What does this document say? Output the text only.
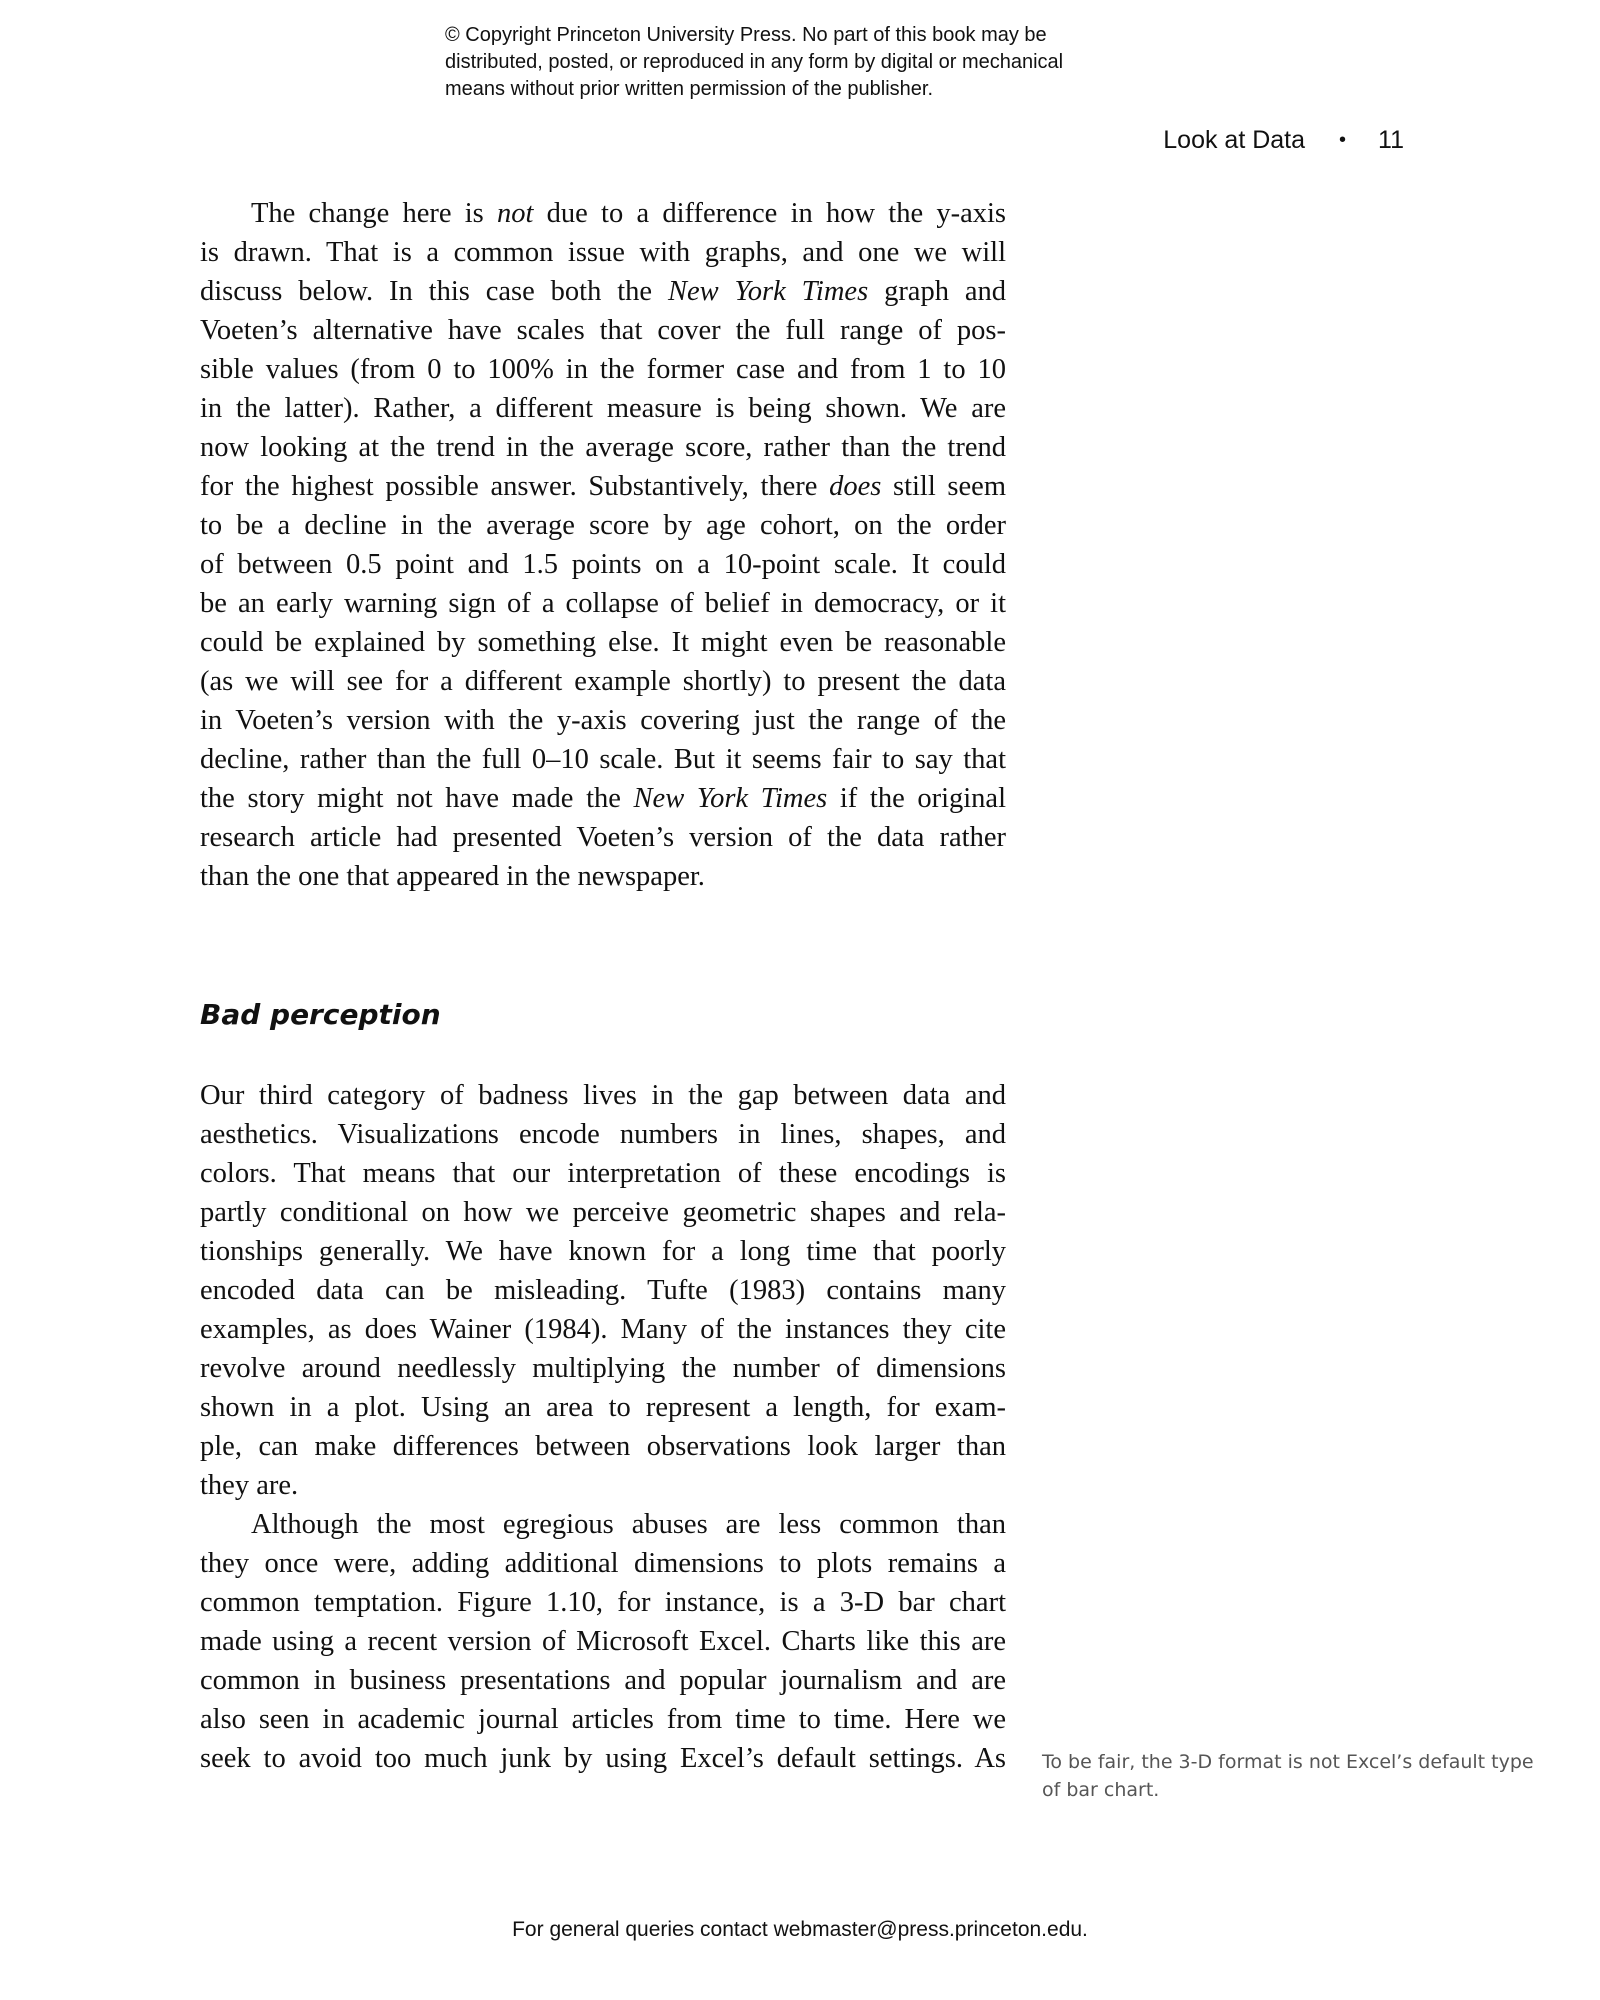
© Copyright Princeton University Press. No part of this book may be
distributed, posted, or reproduced in any form by digital or mechanical
means without prior written permission of the publisher.
Look at Data • 11
The change here is not due to a difference in how the y-axis
is drawn. That is a common issue with graphs, and one we will
discuss below. In this case both the New York Times graph and
Voeten’s alternative have scales that cover the full range of pos-
sible values (from 0 to 100% in the former case and from 1 to 10
in the latter). Rather, a different measure is being shown. We are
now looking at the trend in the average score, rather than the trend
for the highest possible answer. Substantively, there does still seem
to be a decline in the average score by age cohort, on the order
of between 0.5 point and 1.5 points on a 10-point scale. It could
be an early warning sign of a collapse of belief in democracy, or it
could be explained by something else. It might even be reasonable
(as we will see for a different example shortly) to present the data
in Voeten’s version with the y-axis covering just the range of the
decline, rather than the full 0–10 scale. But it seems fair to say that
the story might not have made the New York Times if the original
research article had presented Voeten’s version of the data rather
than the one that appeared in the newspaper.
Bad perception
Our third category of badness lives in the gap between data and
aesthetics. Visualizations encode numbers in lines, shapes, and
colors. That means that our interpretation of these encodings is
partly conditional on how we perceive geometric shapes and rela-
tionships generally. We have known for a long time that poorly
encoded data can be misleading. Tufte (1983) contains many
examples, as does Wainer (1984). Many of the instances they cite
revolve around needlessly multiplying the number of dimensions
shown in a plot. Using an area to represent a length, for exam-
ple, can make differences between observations look larger than
they are.
Although the most egregious abuses are less common than
they once were, adding additional dimensions to plots remains a
common temptation. Figure 1.10, for instance, is a 3-D bar chart
made using a recent version of Microsoft Excel. Charts like this are
common in business presentations and popular journalism and are
also seen in academic journal articles from time to time. Here we
seek to avoid too much junk by using Excel’s default settings. As To be fair, the 3-D format is not Excel’s default type
of bar chart.
For general queries contact webmaster@press.princeton.edu.
